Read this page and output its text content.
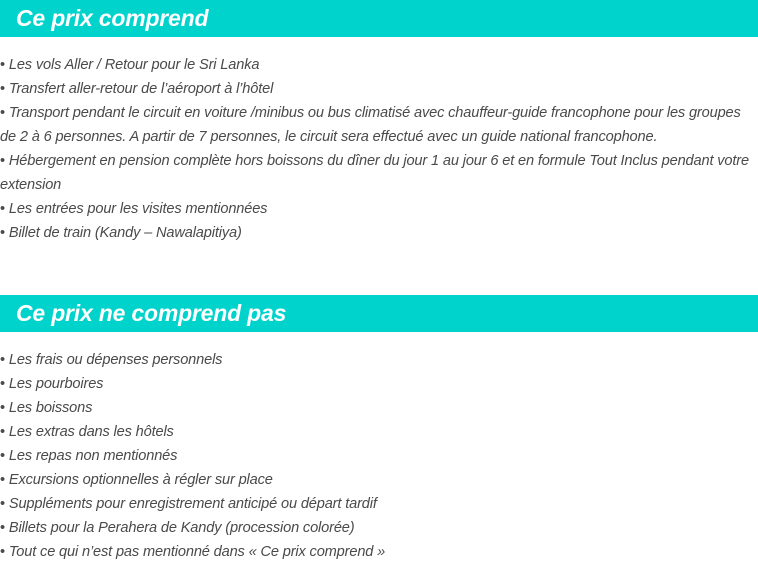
Ce prix comprend
• Les vols Aller / Retour pour le Sri Lanka
• Transfert aller-retour de l’aéroport à l’hôtel
• Transport pendant le circuit en voiture /minibus ou bus climatisé avec chauffeur-guide francophone pour les groupes de 2 à 6 personnes. A partir de 7 personnes, le circuit sera effectué avec un guide national francophone.
• Hébergement en pension complète hors boissons du dîner du jour 1 au jour 6 et en formule Tout Inclus pendant votre extension
• Les entrées pour les visites mentionnées
• Billet de train (Kandy – Nawalapitiya)
Ce prix ne comprend pas
• Les frais ou dépenses personnels
• Les pourboires
• Les boissons
• Les extras dans les hôtels
• Les repas non mentionnés
• Excursions optionnelles à régler sur place
• Suppléments pour enregistrement anticipé ou départ tardif
• Billets pour la Perahera de Kandy (procession colorée)
• Tout ce qui n’est pas mentionné dans « Ce prix comprend »
